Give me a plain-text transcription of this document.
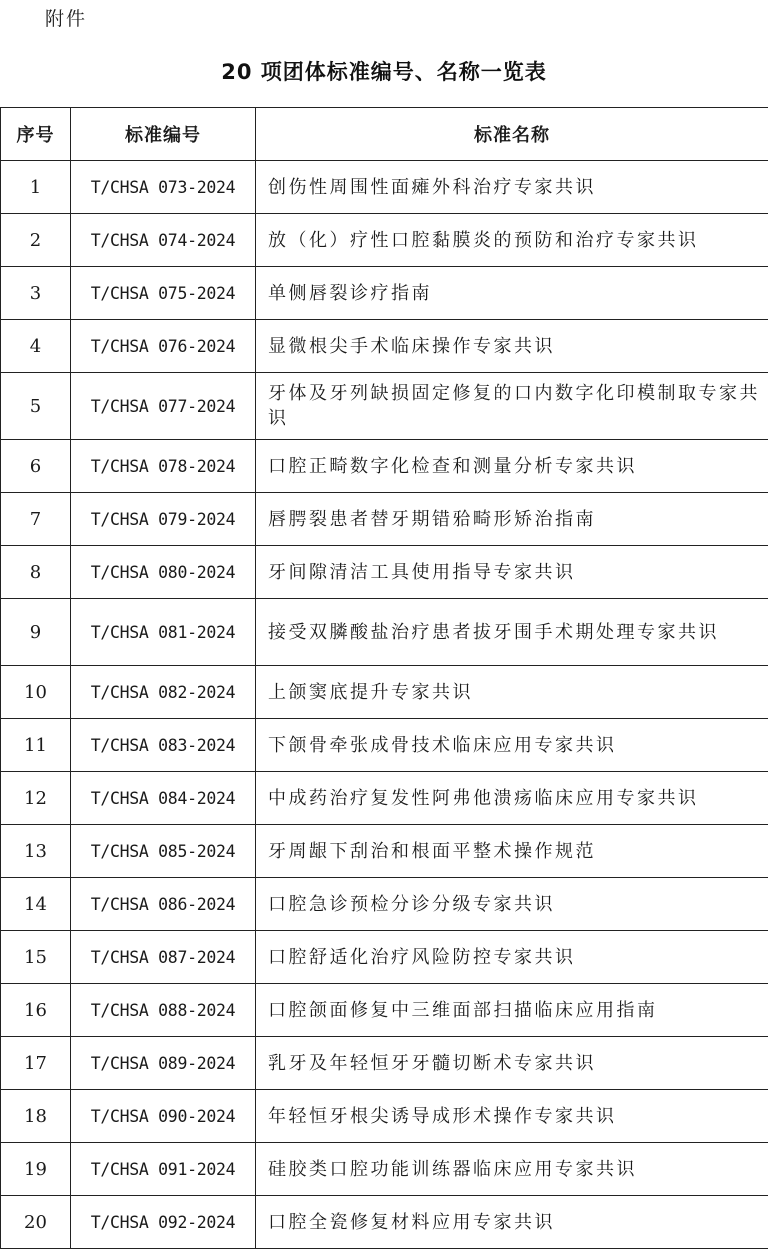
附件
20 项团体标准编号、名称一览表
序号	标准编号	标准名称
1	T/CHSA 073-2024	创伤性周围性面瘫外科治疗专家共识
2	T/CHSA 074-2024	放（化）疗性口腔黏膜炎的预防和治疗专家共识
3	T/CHSA 075-2024	单侧唇裂诊疗指南
4	T/CHSA 076-2024	显微根尖手术临床操作专家共识
5	T/CHSA 077-2024	牙体及牙列缺损固定修复的口内数字化印模制取专家共识
6	T/CHSA 078-2024	口腔正畸数字化检查和测量分析专家共识
7	T/CHSA 079-2024	唇腭裂患者替牙期错𬌗畸形矫治指南
8	T/CHSA 080-2024	牙间隙清洁工具使用指导专家共识
9	T/CHSA 081-2024	接受双膦酸盐治疗患者拔牙围手术期处理专家共识
10	T/CHSA 082-2024	上颌窦底提升专家共识
11	T/CHSA 083-2024	下颌骨牵张成骨技术临床应用专家共识
12	T/CHSA 084-2024	中成药治疗复发性阿弗他溃疡临床应用专家共识
13	T/CHSA 085-2024	牙周龈下刮治和根面平整术操作规范
14	T/CHSA 086-2024	口腔急诊预检分诊分级专家共识
15	T/CHSA 087-2024	口腔舒适化治疗风险防控专家共识
16	T/CHSA 088-2024	口腔颌面修复中三维面部扫描临床应用指南
17	T/CHSA 089-2024	乳牙及年轻恒牙牙髓切断术专家共识
18	T/CHSA 090-2024	年轻恒牙根尖诱导成形术操作专家共识
19	T/CHSA 091-2024	硅胶类口腔功能训练器临床应用专家共识
20	T/CHSA 092-2024	口腔全瓷修复材料应用专家共识
